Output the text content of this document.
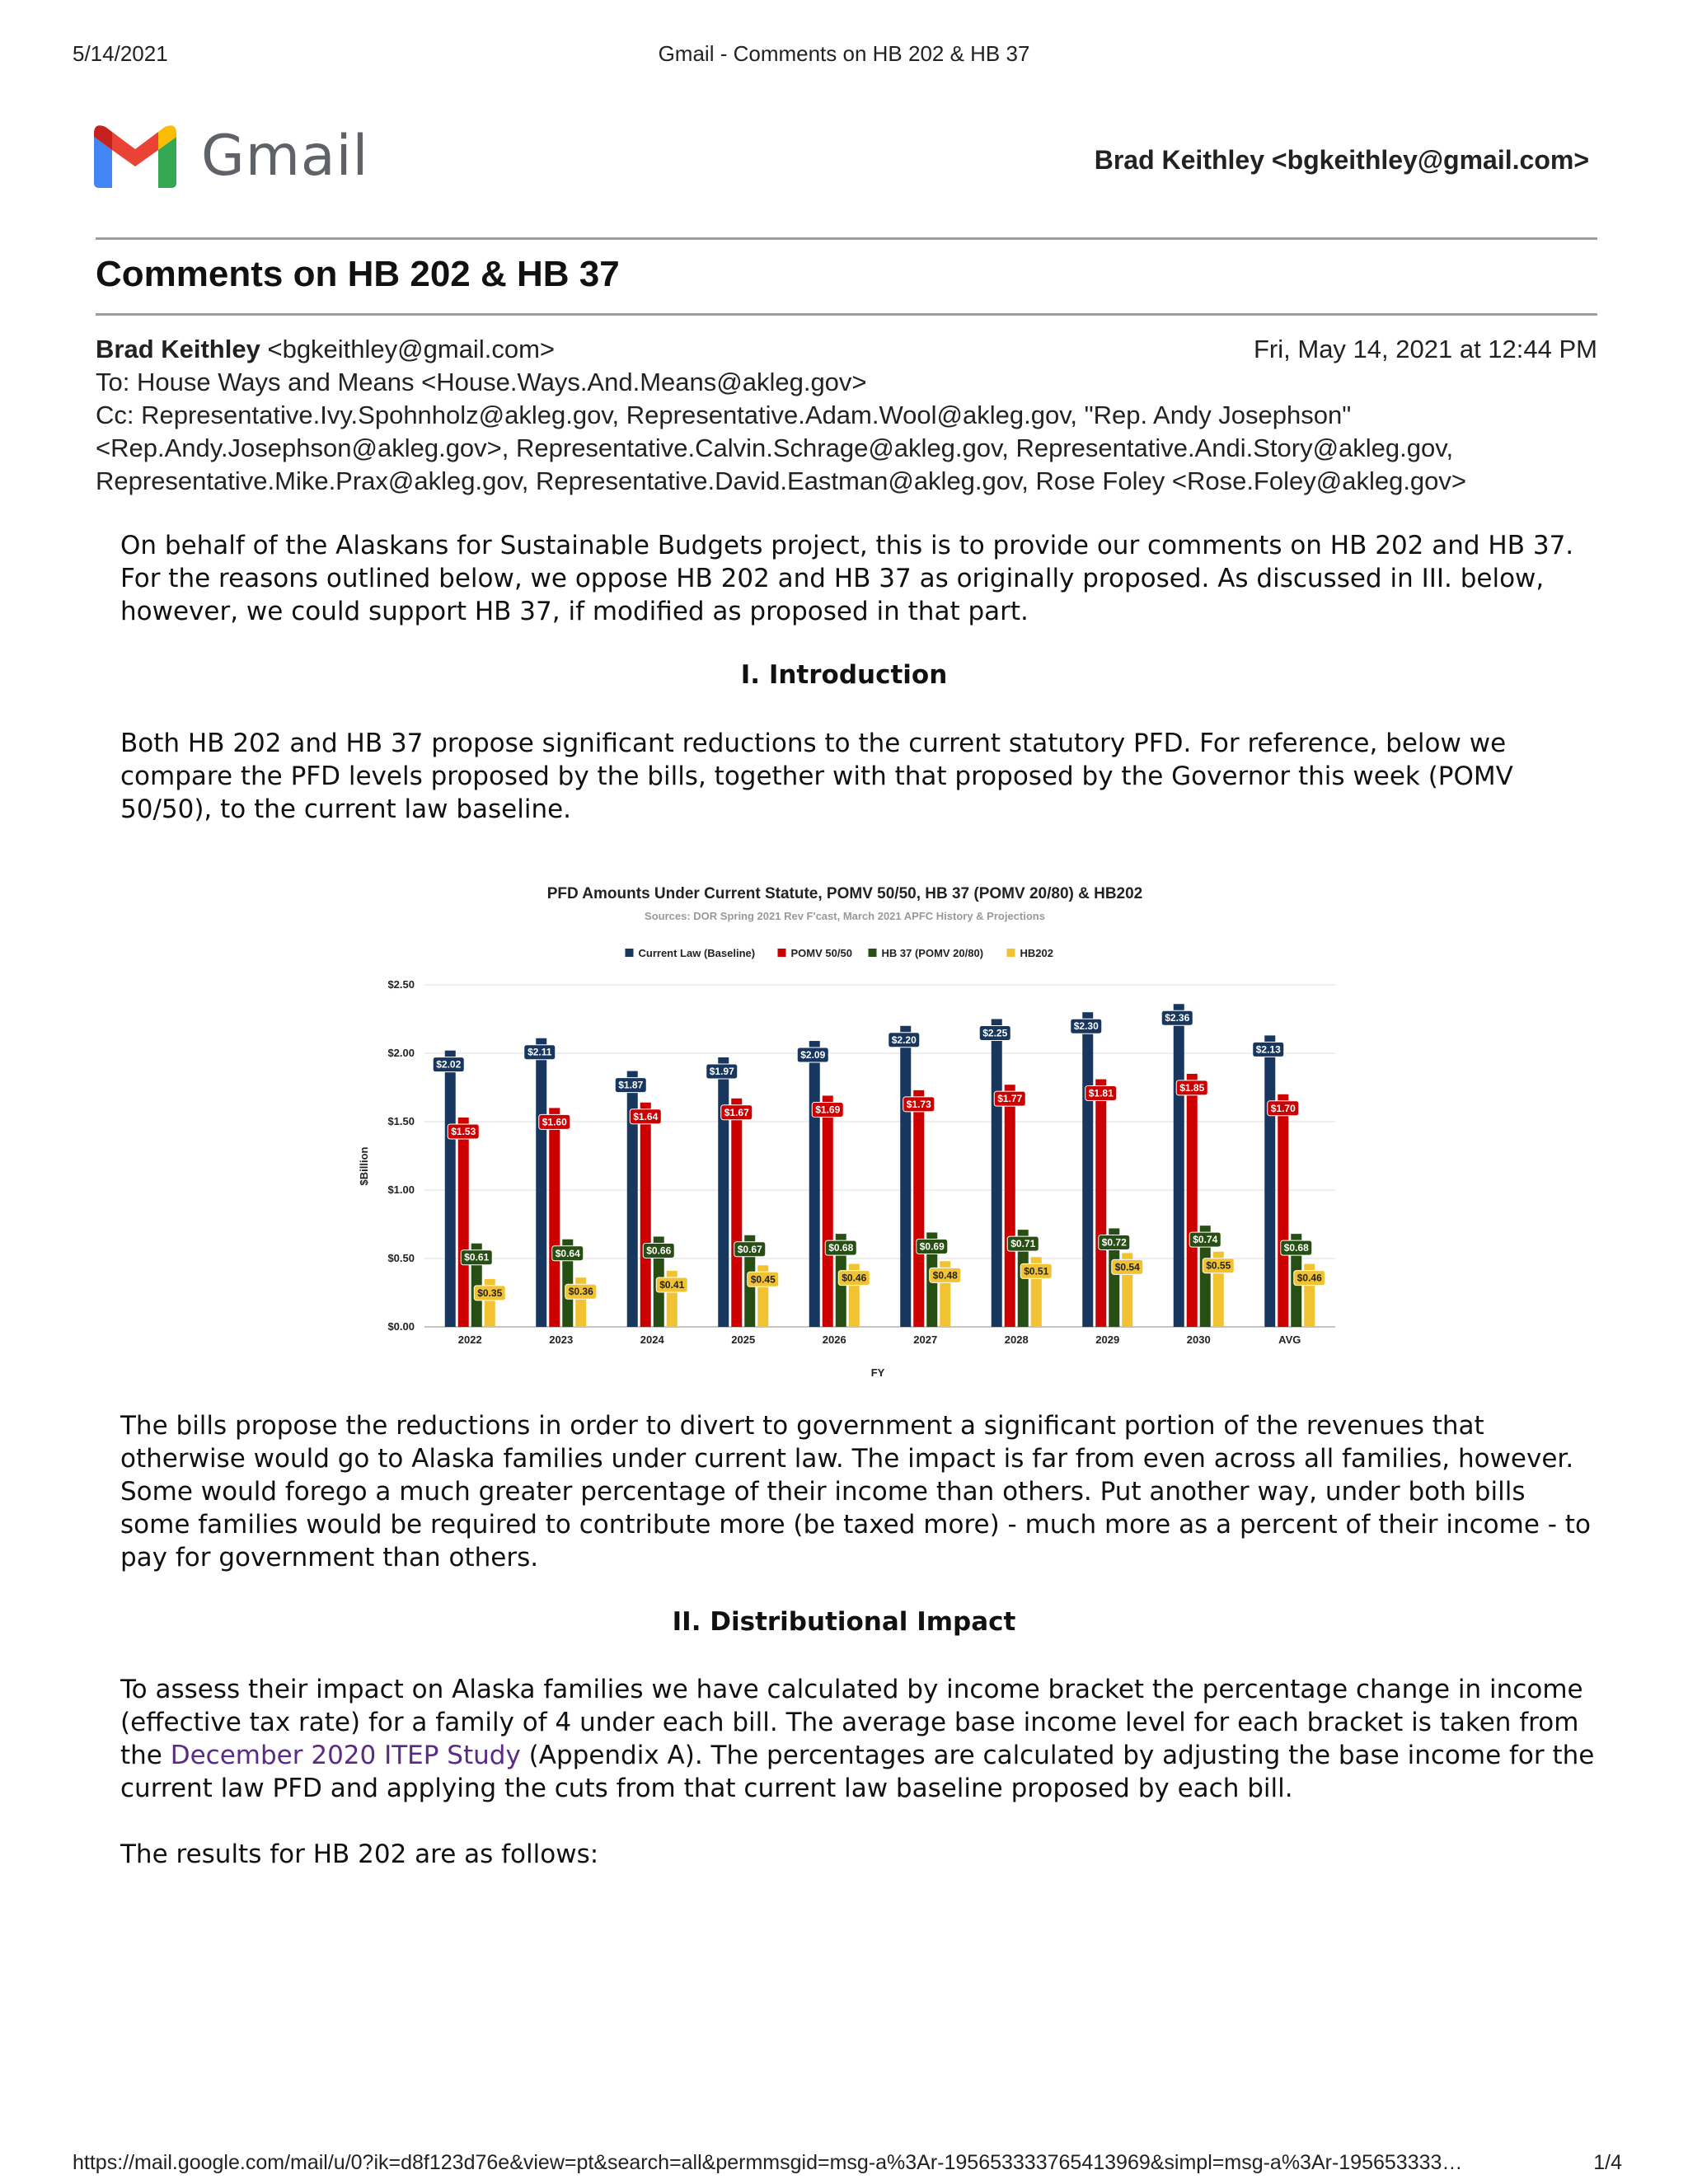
5/14/2021	Gmail - Comments on HB 202 & HB 37
Gmail	Brad Keithley <bgkeithley@gmail.com>
Comments on HB 202 & HB 37
Brad Keithley <bgkeithley@gmail.com>	Fri, May 14, 2021 at 12:44 PM
To: House Ways and Means <House.Ways.And.Means@akleg.gov>
Cc: Representative.Ivy.Spohnholz@akleg.gov, Representative.Adam.Wool@akleg.gov, "Rep. Andy Josephson"
<Rep.Andy.Josephson@akleg.gov>, Representative.Calvin.Schrage@akleg.gov, Representative.Andi.Story@akleg.gov,
Representative.Mike.Prax@akleg.gov, Representative.David.Eastman@akleg.gov, Rose Foley <Rose.Foley@akleg.gov>

On behalf of the Alaskans for Sustainable Budgets project, this is to provide our comments on HB 202 and HB 37. For the reasons outlined below, we oppose HB 202 and HB 37 as originally proposed. As discussed in III. below, however, we could support HB 37, if modified as proposed in that part.

I. Introduction

Both HB 202 and HB 37 propose significant reductions to the current statutory PFD. For reference, below we compare the PFD levels proposed by the bills, together with that proposed by the Governor this week (POMV 50/50), to the current law baseline.

PFD Amounts Under Current Statute, POMV 50/50, HB 37 (POMV 20/80) & HB202
Sources: DOR Spring 2021 Rev F'cast, March 2021 APFC History & Projections
Current Law (Baseline)	POMV 50/50	HB 37 (POMV 20/80)	HB202
$0.00
$0.50
$1.00
$1.50
$2.00
$2.50
$2.02
$1.53
$0.61
$0.35
$2.11
$1.60
$0.64
$0.36
$1.87
$1.64
$0.66
$0.41
$1.97
$1.67
$0.67
$0.45
$2.09
$1.69
$0.68
$0.46
$2.20
$1.73
$0.69
$0.48
$2.25
$1.77
$0.71
$0.51
$2.30
$1.81
$0.72
$0.54
$2.36
$1.85
$0.74
$0.55
$2.13
$1.70
$0.68
$0.46
2022	2023	2024	2025	2026	2027	2028	2029	2030	AVG
$Billion
FY

The bills propose the reductions in order to divert to government a significant portion of the revenues that otherwise would go to Alaska families under current law. The impact is far from even across all families, however. Some would forego a much greater percentage of their income than others. Put another way, under both bills some families would be required to contribute more (be taxed more) - much more as a percent of their income - to pay for government than others.

II. Distributional Impact

To assess their impact on Alaska families we have calculated by income bracket the percentage change in income (effective tax rate) for a family of 4 under each bill. The average base income level for each bracket is taken from the December 2020 ITEP Study (Appendix A). The percentages are calculated by adjusting the base income for the current law PFD and applying the cuts from that current law baseline proposed by each bill.

The results for HB 202 are as follows:

https://mail.google.com/mail/u/0?ik=d8f123d76e&view=pt&search=all&permmsgid=msg-a%3Ar-195653333765413969&simpl=msg-a%3Ar-195653333…	1/4
